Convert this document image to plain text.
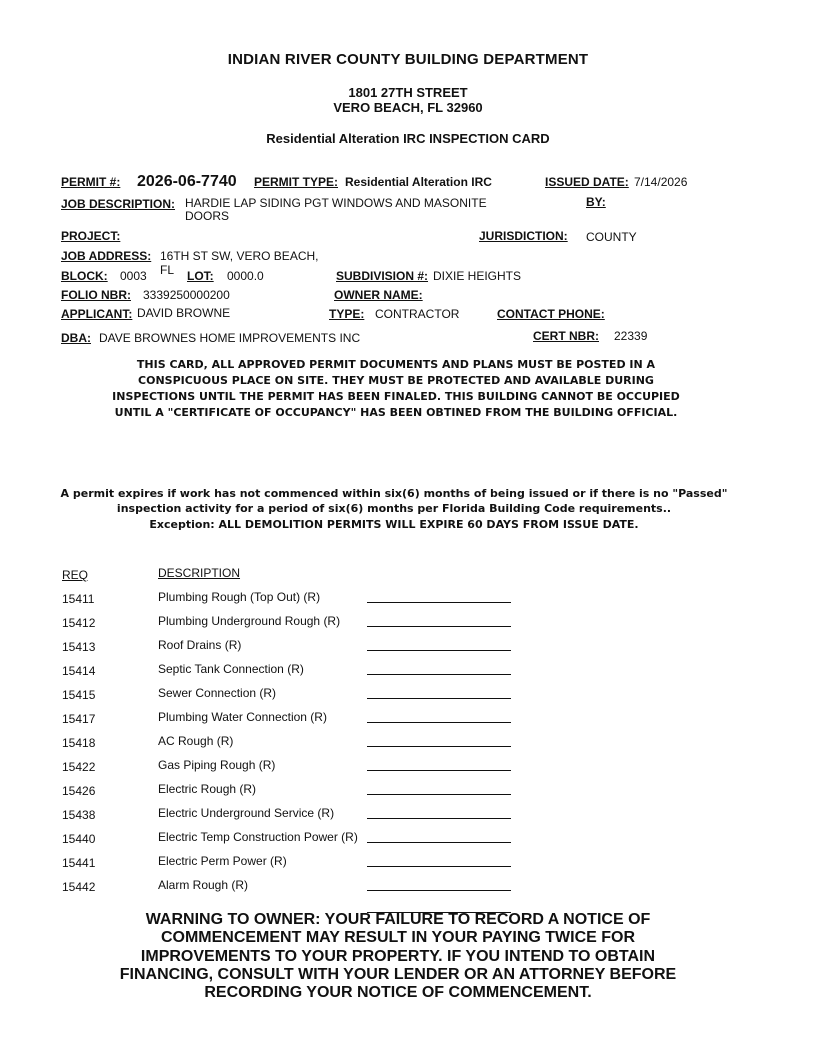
INDIAN RIVER COUNTY BUILDING DEPARTMENT
1801 27TH STREET
VERO BEACH, FL 32960
Residential Alteration IRC INSPECTION CARD
PERMIT #: 2026-06-7740 PERMIT TYPE: Residential Alteration IRC	ISSUED DATE: 7/14/2026
JOB DESCRIPTION: HARDIE LAP SIDING PGT WINDOWS AND MASONITE
DOORS
BY:
PROJECT:	JURISDICTION: COUNTY
JOB ADDRESS: 16TH ST SW, VERO BEACH,
FL
BLOCK: 0003	LOT: 0000.0	SUBDIVISION #: DIXIE HEIGHTS
FOLIO NBR: 3339250000200	OWNER NAME:
APPLICANT: DAVID BROWNE	TYPE: CONTRACTOR	CONTACT PHONE:
DBA: DAVE BROWNES HOME IMPROVEMENTS INC	CERT NBR: 22339
THIS CARD, ALL APPROVED PERMIT DOCUMENTS AND PLANS MUST BE POSTED IN A CONSPICUOUS PLACE ON SITE. THEY MUST BE PROTECTED AND AVAILABLE DURING INSPECTIONS UNTIL THE PERMIT HAS BEEN FINALED. THIS BUILDING CANNOT BE OCCUPIED UNTIL A "CERTIFICATE OF OCCUPANCY" HAS BEEN OBTINED FROM THE BUILDING OFFICIAL.
A permit expires if work has not commenced within six(6) months of being issued or if there is no "Passed"
inspection activity for a period of six(6) months per Florida Building Code requirements..
Exception: ALL DEMOLITION PERMITS WILL EXPIRE 60 DAYS FROM ISSUE DATE.
REQ	DESCRIPTION
15411	Plumbing Rough (Top Out) (R)
15412	Plumbing Underground Rough (R)
15413	Roof Drains (R)
15414	Septic Tank Connection (R)
15415	Sewer Connection (R)
15417	Plumbing Water Connection (R)
15418	AC Rough (R)
15422	Gas Piping Rough (R)
15426	Electric Rough (R)
15438	Electric Underground Service (R)
15440	Electric Temp Construction Power (R)
15441	Electric Perm Power (R)
15442	Alarm Rough (R)
WARNING TO OWNER: YOUR FAILURE TO RECORD A NOTICE OF COMMENCEMENT MAY RESULT IN YOUR PAYING TWICE FOR IMPROVEMENTS TO YOUR PROPERTY. IF YOU INTEND TO OBTAIN FINANCING, CONSULT WITH YOUR LENDER OR AN ATTORNEY BEFORE RECORDING YOUR NOTICE OF COMMENCEMENT.
